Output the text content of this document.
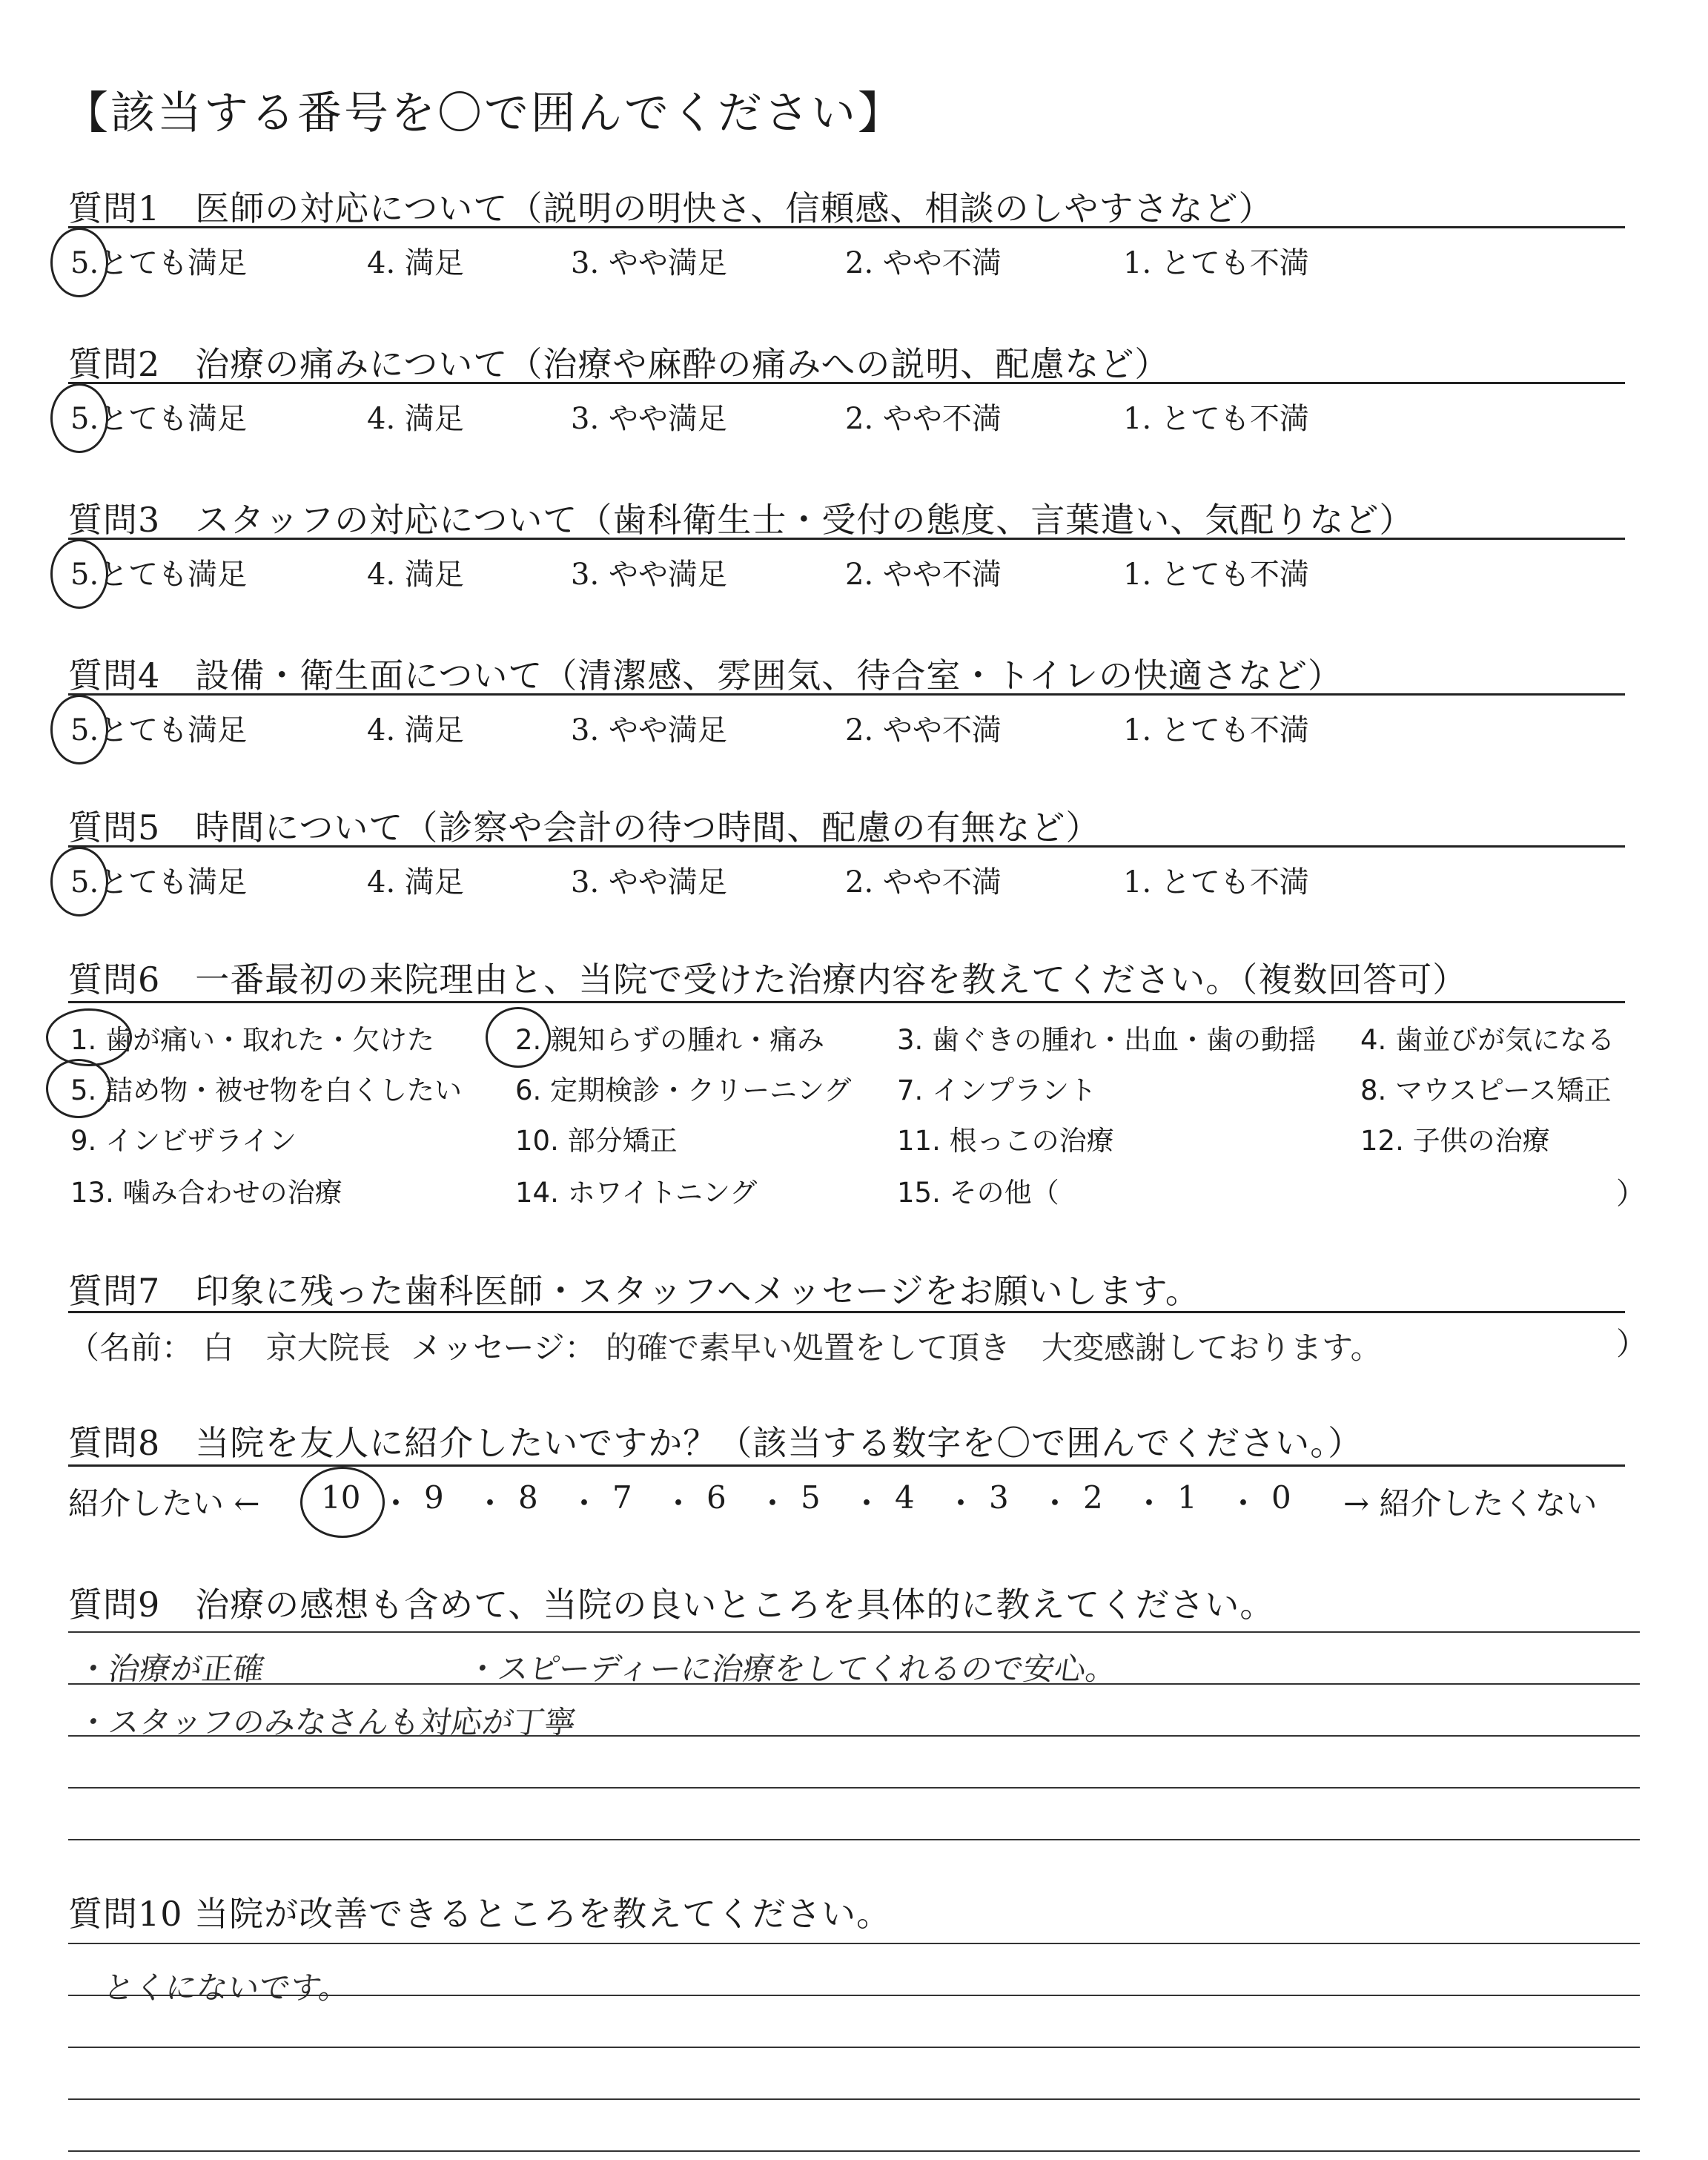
【該当する番号を〇で囲んでください】
質問1　医師の対応について（説明の明快さ、信頼感、相談のしやすさなど）
5.とても満足	4. 満足	3. やや満足	2. やや不満	1. とても不満
質問2　治療の痛みについて（治療や麻酔の痛みへの説明、配慮など）
5.とても満足	4. 満足	3. やや満足	2. やや不満	1. とても不満
質問3　スタッフの対応について（歯科衛生士・受付の態度、言葉遣い、気配りなど）
5.とても満足	4. 満足	3. やや満足	2. やや不満	1. とても不満
質問4　設備・衛生面について（清潔感、雰囲気、待合室・トイレの快適さなど）
5.とても満足	4. 満足	3. やや満足	2. やや不満	1. とても不満
質問5　時間について（診察や会計の待つ時間、配慮の有無など）
5.とても満足	4. 満足	3. やや満足	2. やや不満	1. とても不満
質問6　一番最初の来院理由と、当院で受けた治療内容を教えてください。（複数回答可）
1. 歯が痛い・取れた・欠けた	2. 親知らずの腫れ・痛み	3. 歯ぐきの腫れ・出血・歯の動揺 4. 歯並びが気になる
5. 詰め物・被せ物を白くしたい 6. 定期検診・クリーニング 7. インプラント	8. マウスピース矯正
9. インビザライン	10. 部分矯正	11. 根っこの治療	12. 子供の治療
13. 噛み合わせの治療	14. ホワイトニング	15. その他（	）
質問7　印象に残った歯科医師・スタッフへメッセージをお願いします。
（名前： 白 京大院長 メッセージ： 的確で素早い処置をして頂き　大変感謝しております。	）
質問8　当院を友人に紹介したいですか？（該当する数字を〇で囲んでください。）
紹介したい ← 10 ・ 9 ・ 8 ・ 7 ・ 6 ・ 5 ・ 4 ・ 3 ・ 2 ・ 1 ・ 0 → 紹介したくない
質問9　治療の感想も含めて、当院の良いところを具体的に教えてください。
・治療が正確	・スピーディーに治療をしてくれるので安心。
・スタッフのみなさんも対応が丁寧
質問10 当院が改善できるところを教えてください。
とくにないです。
